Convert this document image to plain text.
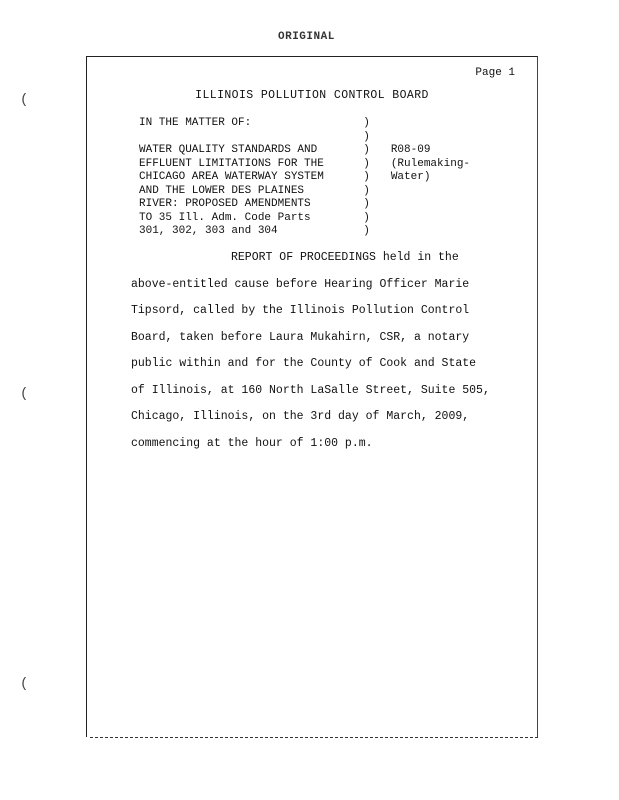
ORIGINAL
(
(
(
Page 1
ILLINOIS POLLUTION CONTROL BOARD
IN THE MATTER OF:	)
)
WATER QUALITY STANDARDS AND	)	R08-09
EFFLUENT LIMITATIONS FOR THE	)	(Rulemaking-
CHICAGO AREA WATERWAY SYSTEM	)	Water)
AND THE LOWER DES PLAINES	)
RIVER: PROPOSED AMENDMENTS	)
TO 35 Ill. Adm. Code Parts	)
301, 302, 303 and 304	)

REPORT OF PROCEEDINGS held in the

above-entitled cause before Hearing Officer Marie

Tipsord, called by the Illinois Pollution Control

Board, taken before Laura Mukahirn, CSR, a notary

public within and for the County of Cook and State

of Illinois, at 160 North LaSalle Street, Suite 505,

Chicago, Illinois, on the 3rd day of March, 2009,

commencing at the hour of 1:00 p.m.
